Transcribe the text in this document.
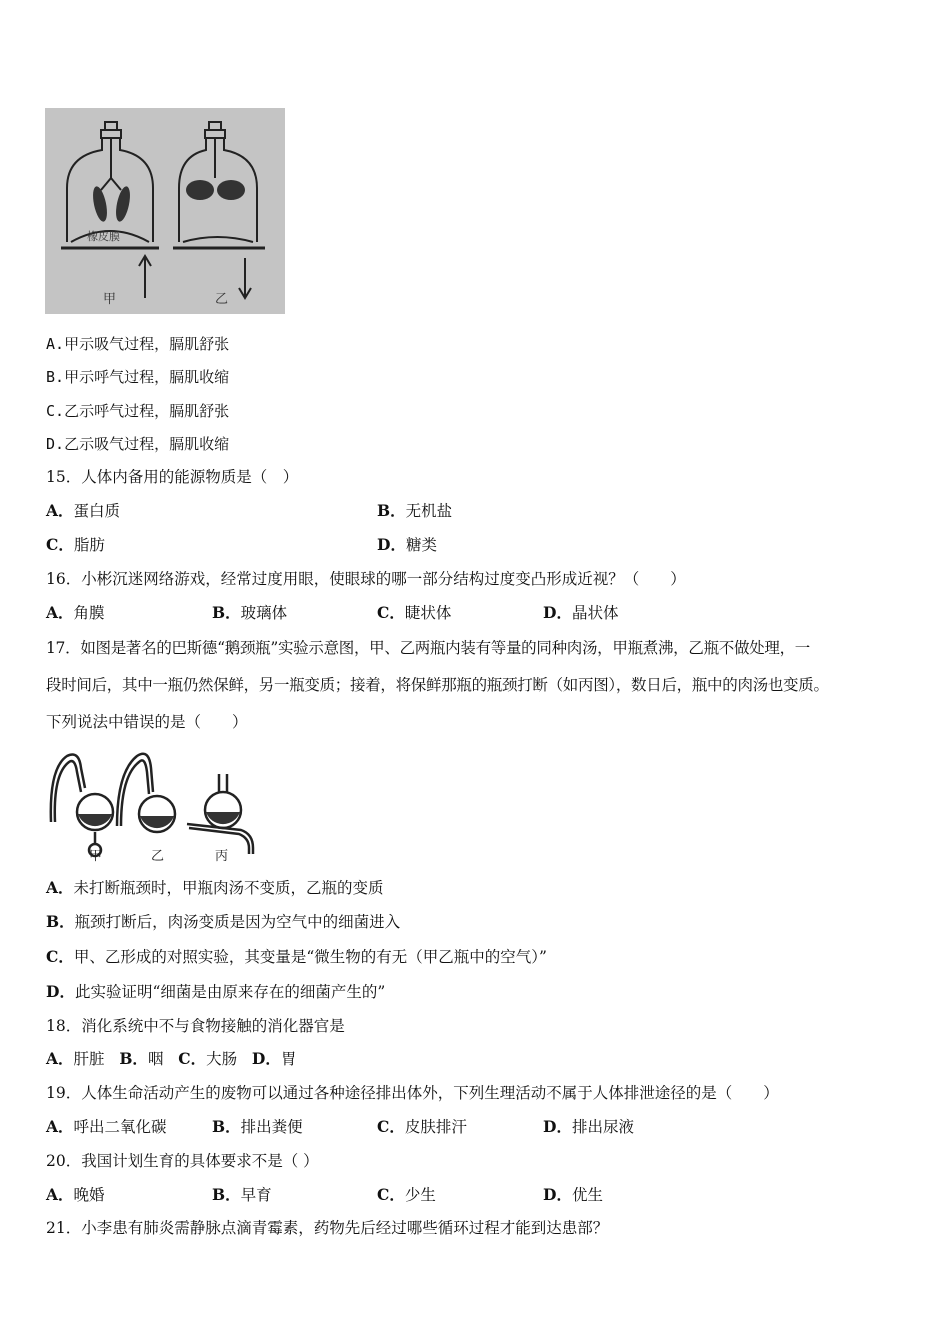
橡皮膜
甲	乙
A.甲示吸气过程，膈肌舒张
B.甲示呼气过程，膈肌收缩
C.乙示呼气过程，膈肌舒张
D.乙示吸气过程，膈肌收缩
15．人体内备用的能源物质是（　）
A．蛋白质	B．无机盐
C．脂肪	D．糖类
16．小彬沉迷网络游戏，经常过度用眼，使眼球的哪一部分结构过度变凸形成近视？（　　）
A．角膜	B．玻璃体	C．睫状体	D．晶状体
17．如图是著名的巴斯德“鹅颈瓶”实验示意图，甲、乙两瓶内装有等量的同种肉汤，甲瓶煮沸，乙瓶不做处理，一
段时间后，其中一瓶仍然保鲜，另一瓶变质；接着，将保鲜那瓶的瓶颈打断（如丙图），数日后，瓶中的肉汤也变质。
下列说法中错误的是（　　）
甲	乙	丙
A．未打断瓶颈时，甲瓶肉汤不变质，乙瓶的变质
B．瓶颈打断后，肉汤变质是因为空气中的细菌进入
C．甲、乙形成的对照实验，其变量是“微生物的有无（甲乙瓶中的空气）”
D．此实验证明“细菌是由原来存在的细菌产生的”
18．消化系统中不与食物接触的消化器官是
A．肝脏 B．咽 C．大肠 D．胃
19．人体生命活动产生的废物可以通过各种途径排出体外，下列生理活动不属于人体排泄途径的是（　　）
A．呼出二氧化碳	B．排出粪便	C．皮肤排汗	D．排出尿液
20．我国计划生育的具体要求不是（ ）
A．晚婚	B．早育	C．少生	D．优生
21．小李患有肺炎需静脉点滴青霉素，药物先后经过哪些循环过程才能到达患部？
